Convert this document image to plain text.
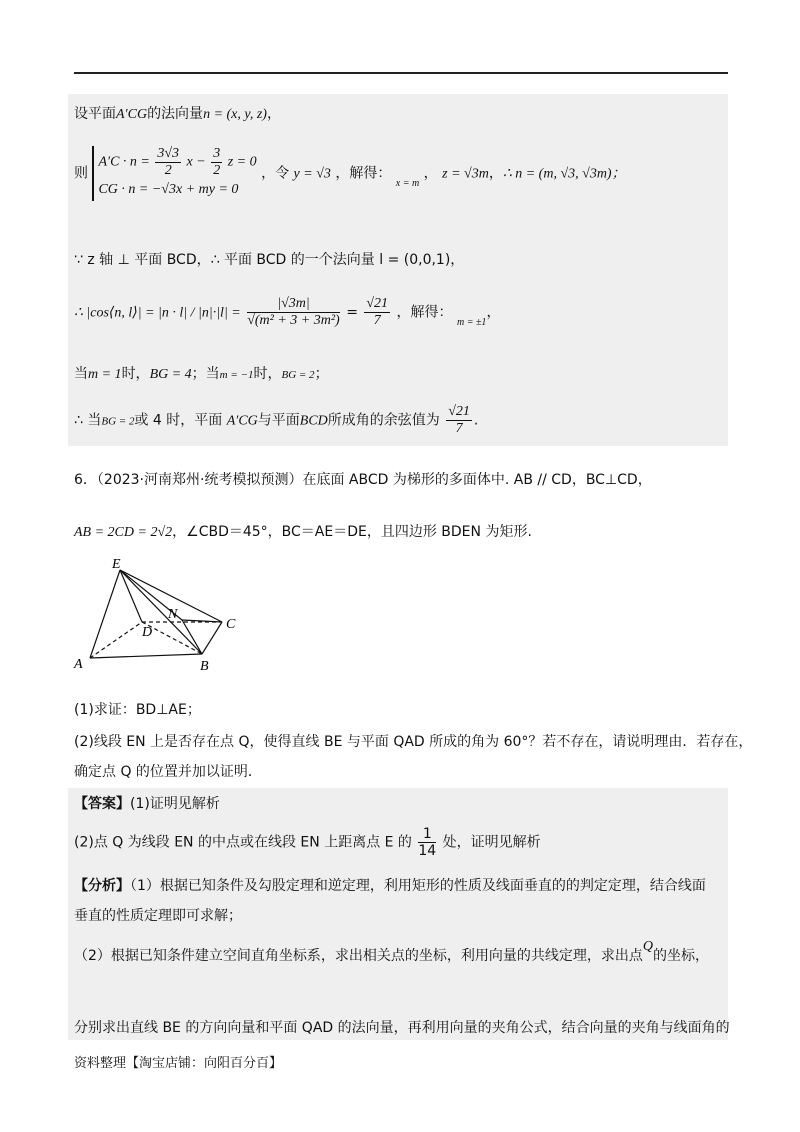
设平面A′CG的法向量n = (x, y, z)，
则
$A'C \cdot n = \frac{3√3}{2}$ $x - \frac{3}{2}$ z = 0
CG · n = −√3x + my = 0
，令 y = √3 ，解得： $_{x = m}$ ， z = √3m，∴ n = (m, √3, √3m)；
∵ z 轴 ⊥ 平面 BCD，∴ 平面 BCD 的一个法向量 l = (0,0,1)，
∴ |cos⟨n, l⟩| = $|n \cdot l| / |n|\cdot|l| = \frac{|√3m|}{\text{√(m² + 3 + 3m²)}} = \frac{√21}{7}$ ，解得： $_{m = \pm 1}$，
当m = 1时，BG = 4；当m = −1时，BG = 2；
∴ 当BG = 2或 4 时，平面 A′CG与平面BCD所成角的余弦值为 $\frac{√21}{7}$ .
6．（2023·河南郑州·统考模拟预测）在底面 ABCD 为梯形的多面体中. AB // CD，BC⊥CD，
AB = 2CD = 2√2，∠CBD＝45°，BC＝AE＝DE，且四边形 BDEN 为矩形.
E
N
D
C
A	B
(1)求证：BD⊥AE；
(2)线段 EN 上是否存在点 Q，使得直线 BE 与平面 QAD 所成的角为 60°？若不存在，请说明理由．若存在，
确定点 Q 的位置并加以证明．
【答案】(1)证明见解析
(2)点 Q 为线段 EN 的中点或在线段 EN 上距离点 E 的 $\frac{1}{14}$ 处，证明见解析
【分析】（1）根据已知条件及勾股定理和逆定理，利用矩形的性质及线面垂直的的判定定理，结合线面
垂直的性质定理即可求解；
（2）根据已知条件建立空间直角坐标系，求出相关点的坐标，利用向量的共线定理，求出点Q的坐标，
分别求出直线 BE 的方向向量和平面 QAD 的法向量，再利用向量的夹角公式，结合向量的夹角与线面角的
资料整理【淘宝店铺：向阳百分百】
